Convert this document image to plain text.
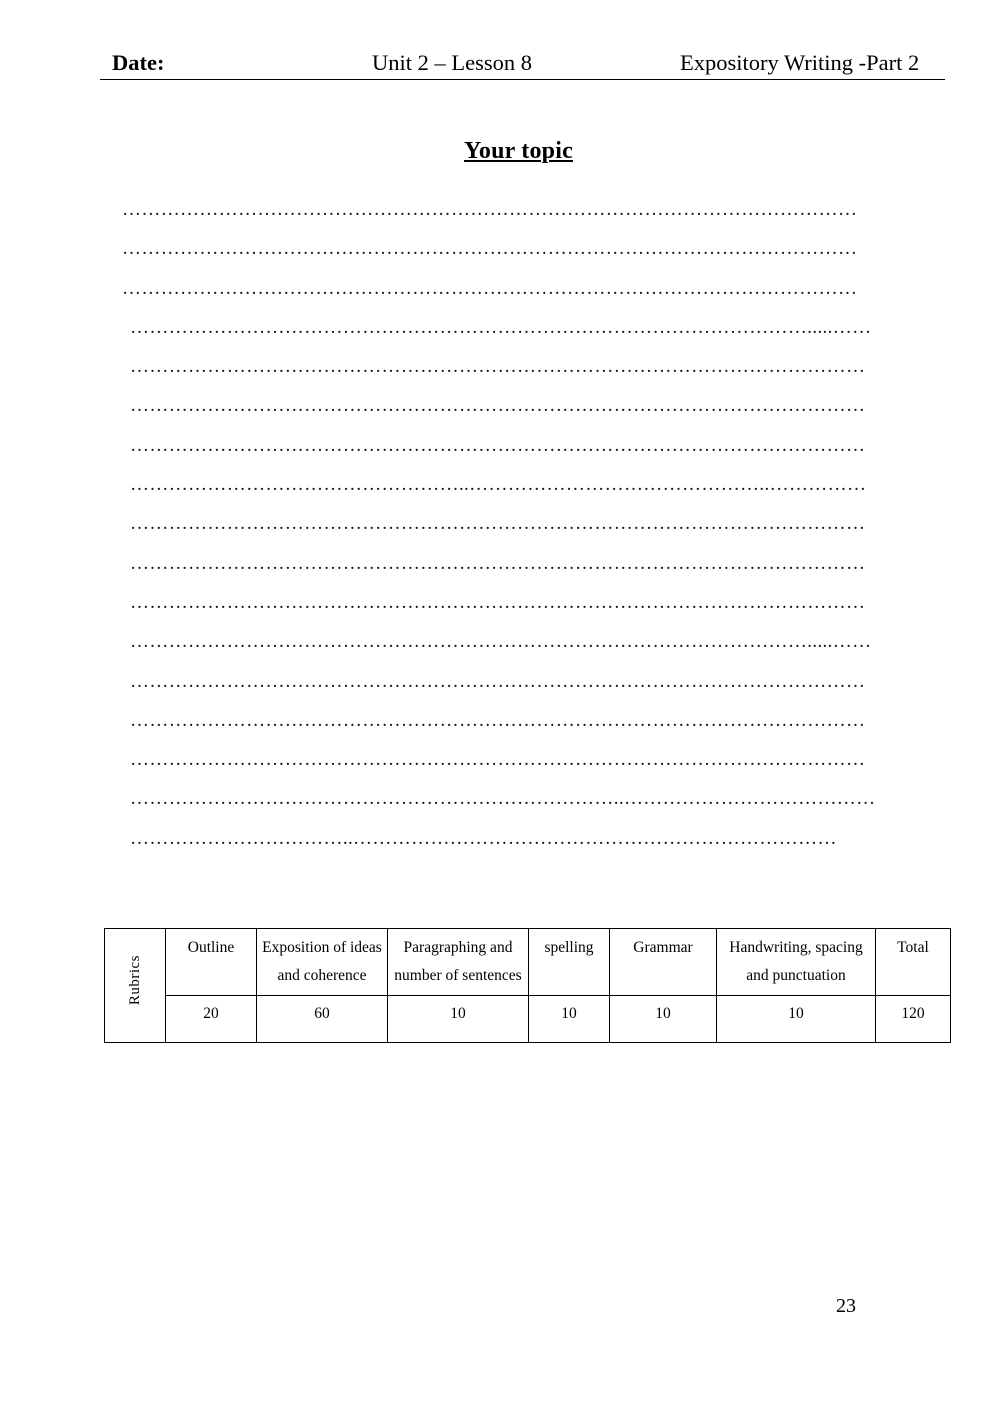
Date:	Unit 2 – Lesson 8	Expository Writing -Part 2
Your topic
……………………………………………………………………………………………………
……………………………………………………………………………………………………
……………………………………………………………………………………………………
…………………………………………………………………………………………….....……
……………………………………………………………………………………………………
……………………………………………………………………………………………………
……………………………………………………………………………………………………
……………………………………………..………………………………………..……………
……………………………………………………………………………………………………
……………………………………………………………………………………………………
……………………………………………………………………………………………………
…………………………………………………………………………………………….....……
……………………………………………………………………………………………………
……………………………………………………………………………………………………
……………………………………………………………………………………………………
…………………………………………………………………..…………………………………
……………………………..…………………………………………………………………
Rubrics	Outline	Exposition of ideas and coherence	Paragraphing and number of sentences	spelling	Grammar	Handwriting, spacing and punctuation	Total
	20	60	10	10	10	10	120
23
